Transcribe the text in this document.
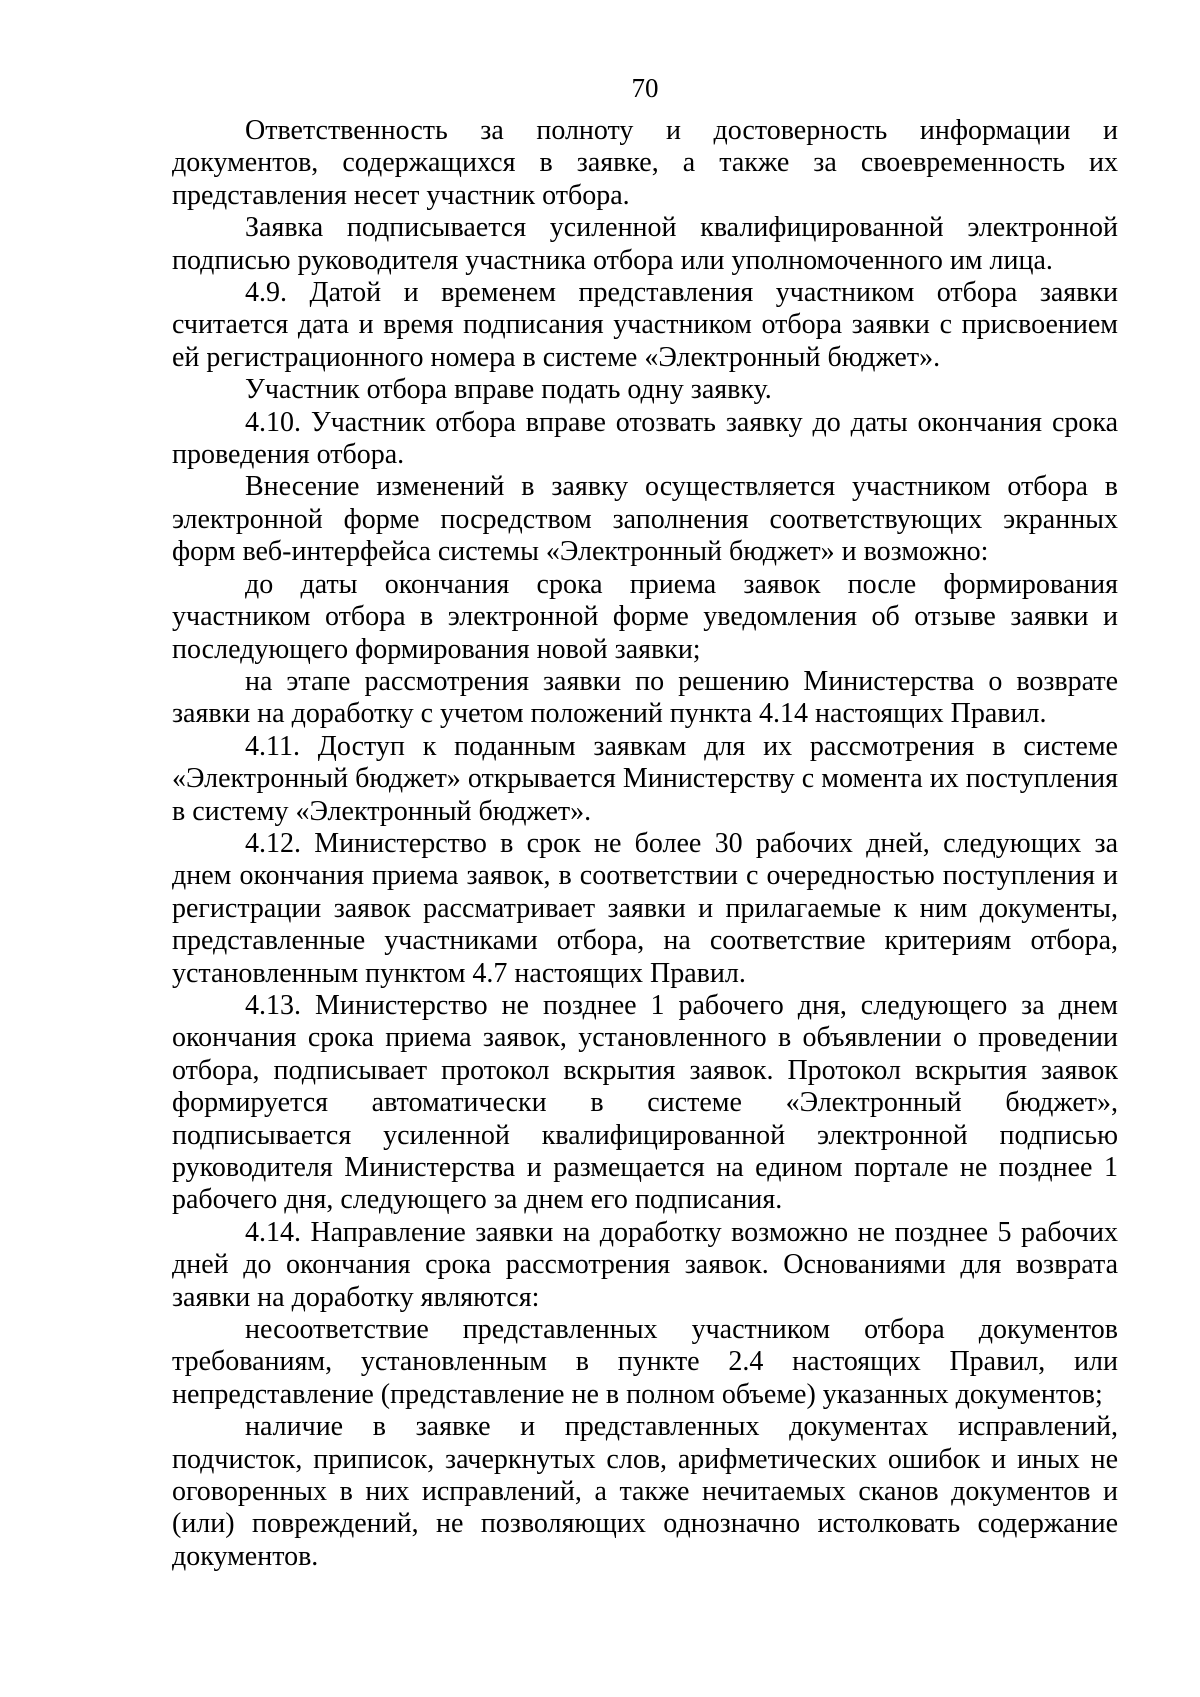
70

Ответственность за полноту и достоверность информации и документов, содержащихся в заявке, а также за своевременность их представления несет участник отбора.

Заявка подписывается усиленной квалифицированной электронной подписью руководителя участника отбора или уполномоченного им лица.

4.9. Датой и временем представления участником отбора заявки считается дата и время подписания участником отбора заявки с присвоением ей регистрационного номера в системе «Электронный бюджет».

Участник отбора вправе подать одну заявку.

4.10. Участник отбора вправе отозвать заявку до даты окончания срока проведения отбора.

Внесение изменений в заявку осуществляется участником отбора в электронной форме посредством заполнения соответствующих экранных форм веб-интерфейса системы «Электронный бюджет» и возможно:

до даты окончания срока приема заявок после формирования участником отбора в электронной форме уведомления об отзыве заявки и последующего формирования новой заявки;

на этапе рассмотрения заявки по решению Министерства о возврате заявки на доработку с учетом положений пункта 4.14 настоящих Правил.

4.11. Доступ к поданным заявкам для их рассмотрения в системе «Электронный бюджет» открывается Министерству с момента их поступления в систему «Электронный бюджет».

4.12. Министерство в срок не более 30 рабочих дней, следующих за днем окончания приема заявок, в соответствии с очередностью поступления и регистрации заявок рассматривает заявки и прилагаемые к ним документы, представленные участниками отбора, на соответствие критериям отбора, установленным пунктом 4.7 настоящих Правил.

4.13. Министерство не позднее 1 рабочего дня, следующего за днем окончания срока приема заявок, установленного в объявлении о проведении отбора, подписывает протокол вскрытия заявок. Протокол вскрытия заявок формируется автоматически в системе «Электронный бюджет», подписывается усиленной квалифицированной электронной подписью руководителя Министерства и размещается на едином портале не позднее 1 рабочего дня, следующего за днем его подписания.

4.14. Направление заявки на доработку возможно не позднее 5 рабочих дней до окончания срока рассмотрения заявок. Основаниями для возврата заявки на доработку являются:

несоответствие представленных участником отбора документов требованиям, установленным в пункте 2.4 настоящих Правил, или непредставление (представление не в полном объеме) указанных документов;

наличие в заявке и представленных документах исправлений, подчисток, приписок, зачеркнутых слов, арифметических ошибок и иных не оговоренных в них исправлений, а также нечитаемых сканов документов и (или) повреждений, не позволяющих однозначно истолковать содержание документов.
